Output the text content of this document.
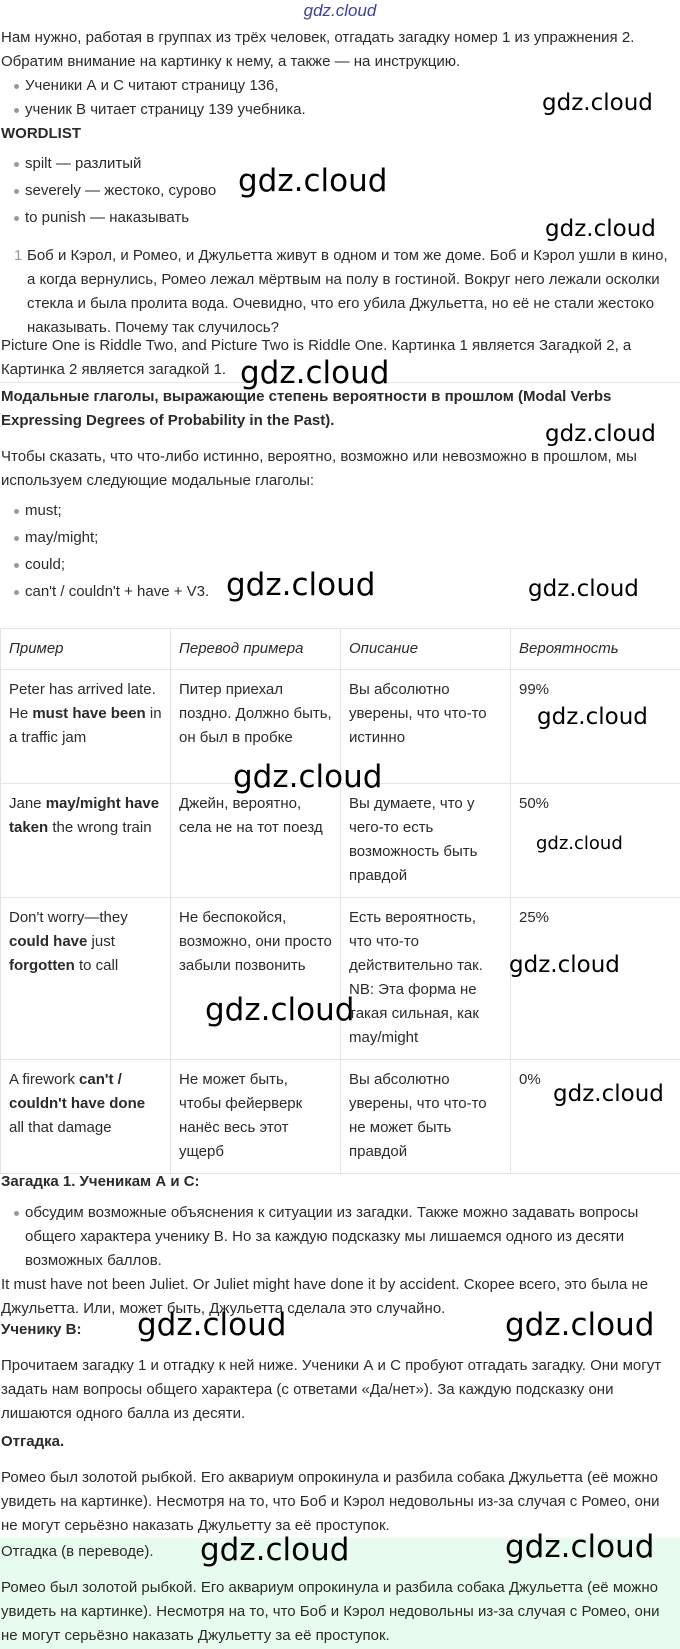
gdz.cloud

Нам нужно, работая в группах из трёх человек, отгадать загадку номер 1 из упражнения 2. Обратим внимание на картинку к нему, а также — на инструкцию.

Ученики А и С читают страницу 136,
ученик В читает страницу 139 учебника.

WORDLIST

spilt — разлитый
severely — жестоко, сурово
to punish — наказывать
1 Боб и Кэрол, и Ромео, и Джульетта живут в одном и том же доме. Боб и Кэрол ушли в кино, а когда вернулись, Ромео лежал мёртвым на полу в гостиной. Вокруг него лежали осколки стекла и была пролита вода. Очевидно, что его убила Джульетта, но её не стали жестоко наказывать. Почему так случилось?

Picture One is Riddle Two, and Picture Two is Riddle One. Картинка 1 является Загадкой 2, а Картинка 2 является загадкой 1.

Модальные глаголы, выражающие степень вероятности в прошлом (Modal Verbs Expressing Degrees of Probability in the Past).

Чтобы сказать, что что-либо истинно, вероятно, возможно или невозможно в прошлом, мы используем следующие модальные глаголы:

must;
may/might;
could;
can't / couldn't + have + V3.
Пример	Перевод примера	Описание	Вероятность
Peter has arrived late. He must have been in a traffic jam	Питер приехал поздно. Должно быть, он был в пробке	Вы абсолютно уверены, что что-то истинно	99%
Jane may/might have taken the wrong train	Джейн, вероятно, села не на тот поезд	Вы думаете, что у чего-то есть возможность быть правдой	50%
Don't worry—they could have just forgotten to call	Не беспокойся, возможно, они просто забыли позвонить	Есть вероятность, что что-то действительно так. NB: Эта форма не такая сильная, как may/might	25%
A firework can't / couldn't have done all that damage	Не может быть, чтобы фейерверк нанёс весь этот ущерб	Вы абсолютно уверены, что что-то не может быть правдой	0%

Загадка 1. Ученикам А и С:

обсудим возможные объяснения к ситуации из загадки. Также можно задавать вопросы общего характера ученику В. Но за каждую подсказку мы лишаемся одного из десяти возможных баллов.

It must have not been Juliet. Or Juliet might have done it by accident. Скорее всего, это была не Джульетта. Или, может быть, Джульетта сделала это случайно.

Ученику В:

Прочитаем загадку 1 и отгадку к ней ниже. Ученики А и С пробуют отгадать загадку. Они могут задать нам вопросы общего характера (с ответами «Да/нет»). За каждую подсказку они лишаются одного балла из десяти.

Отгадка.

Ромео был золотой рыбкой. Его аквариум опрокинула и разбила собака Джульетта (её можно увидеть на картинке). Несмотря на то, что Боб и Кэрол недовольны из-за случая с Ромео, они не могут серьёзно наказать Джульетту за её проступок.

Отгадка (в переводе).

Ромео был золотой рыбкой. Его аквариум опрокинула и разбила собака Джульетта (её можно увидеть на картинке). Несмотря на то, что Боб и Кэрол недовольны из-за случая с Ромео, они не могут серьёзно наказать Джульетту за её проступок.

gdz.cloud
gdz.cloud
gdz.cloud
gdz.cloud
gdz.cloud
gdz.cloud	gdz.cloud
gdz.cloud
gdz.cloud
gdz.cloud
gdz.cloud
gdz.cloud
gdz.cloud
gdz.cloud	gdz.cloud
gdz.cloud	gdz.cloud
